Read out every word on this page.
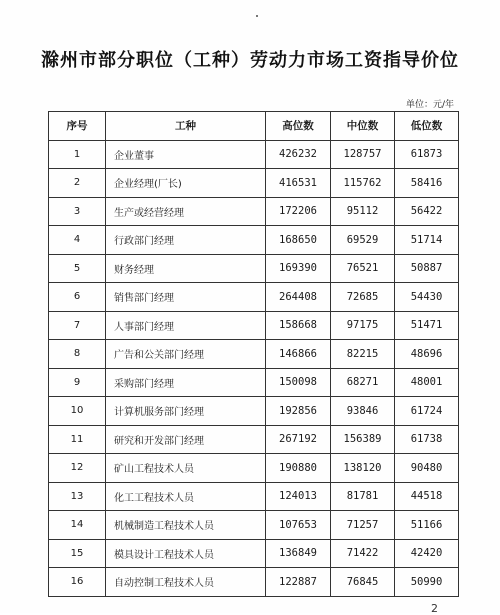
滁州市部分职位（工种）劳动力市场工资指导价位
单位：元/年
序号	工种	高位数	中位数	低位数
1	企业董事	426232	128757	61873
2	企业经理(厂长)	416531	115762	58416
3	生产或经营经理	172206	95112	56422
4	行政部门经理	168650	69529	51714
5	财务经理	169390	76521	50887
6	销售部门经理	264408	72685	54430
7	人事部门经理	158668	97175	51471
8	广告和公关部门经理	146866	82215	48696
9	采购部门经理	150098	68271	48001
10	计算机服务部门经理	192856	93846	61724
11	研究和开发部门经理	267192	156389	61738
12	矿山工程技术人员	190880	138120	90480
13	化工工程技术人员	124013	81781	44518
14	机械制造工程技术人员	107653	71257	51166
15	模具设计工程技术人员	136849	71422	42420
16	自动控制工程技术人员	122887	76845	50990
2
